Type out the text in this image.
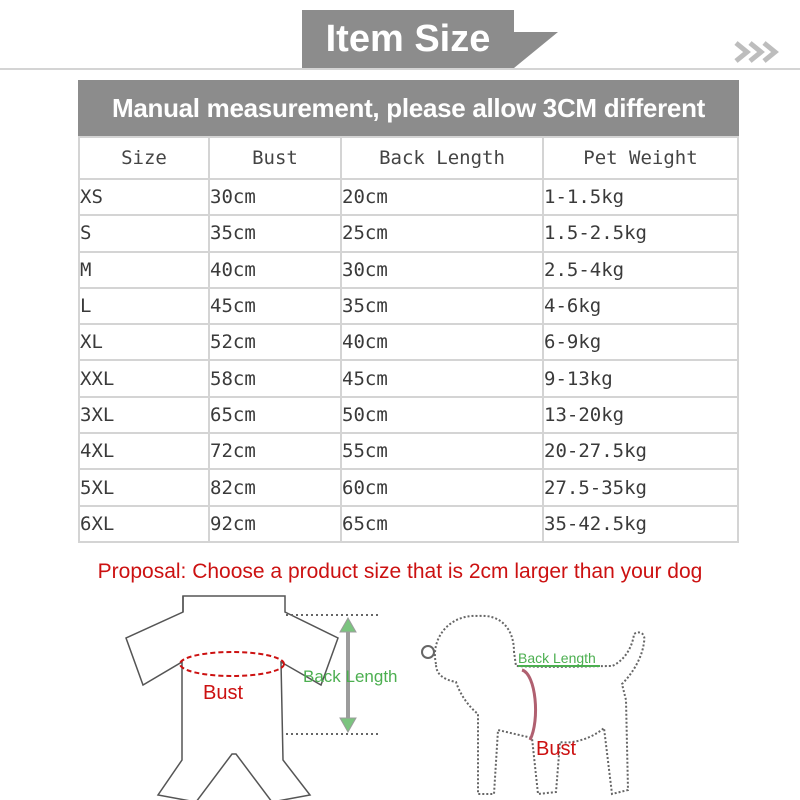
Item Size
Manual measurement, please allow 3CM different
Size	Bust	Back Length	Pet Weight
XS	30cm	20cm	1-1.5kg
S	35cm	25cm	1.5-2.5kg
M	40cm	30cm	2.5-4kg
L	45cm	35cm	4-6kg
XL	52cm	40cm	6-9kg
XXL	58cm	45cm	9-13kg
3XL	65cm	50cm	13-20kg
4XL	72cm	55cm	20-27.5kg
5XL	82cm	60cm	27.5-35kg
6XL	92cm	65cm	35-42.5kg
Proposal: Choose a product size that is 2cm larger than your dog
Back Length
Bust
Back Length
Bust
